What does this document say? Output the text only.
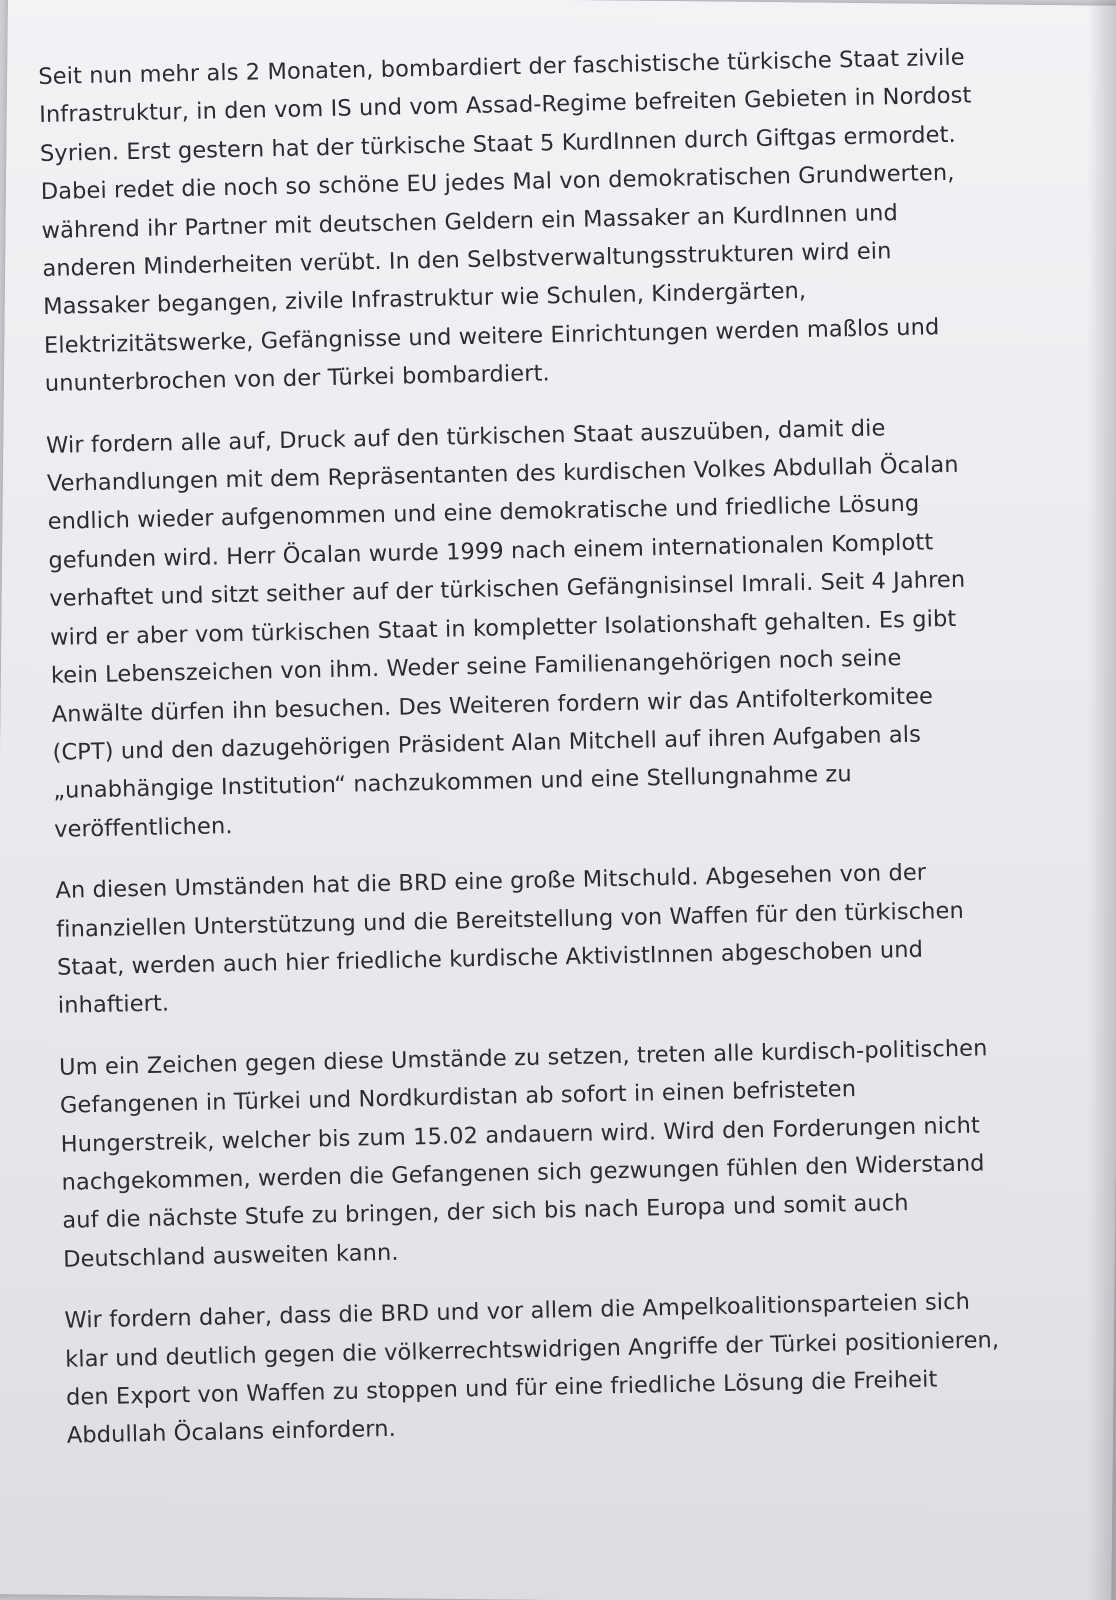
Seit nun mehr als 2 Monaten, bombardiert der faschistische türkische Staat zivile
Infrastruktur, in den vom IS und vom Assad-Regime befreiten Gebieten in Nordost
Syrien. Erst gestern hat der türkische Staat 5 KurdInnen durch Giftgas ermordet.
Dabei redet die noch so schöne EU jedes Mal von demokratischen Grundwerten,
während ihr Partner mit deutschen Geldern ein Massaker an KurdInnen und
anderen Minderheiten verübt. In den Selbstverwaltungsstrukturen wird ein
Massaker begangen, zivile Infrastruktur wie Schulen, Kindergärten,
Elektrizitätswerke, Gefängnisse und weitere Einrichtungen werden maßlos und
ununterbrochen von der Türkei bombardiert.

Wir fordern alle auf, Druck auf den türkischen Staat auszuüben, damit die
Verhandlungen mit dem Repräsentanten des kurdischen Volkes Abdullah Öcalan
endlich wieder aufgenommen und eine demokratische und friedliche Lösung
gefunden wird. Herr Öcalan wurde 1999 nach einem internationalen Komplott
verhaftet und sitzt seither auf der türkischen Gefängnisinsel Imrali. Seit 4 Jahren
wird er aber vom türkischen Staat in kompletter Isolationshaft gehalten. Es gibt
kein Lebenszeichen von ihm. Weder seine Familienangehörigen noch seine
Anwälte dürfen ihn besuchen. Des Weiteren fordern wir das Antifolterkomitee
(CPT) und den dazugehörigen Präsident Alan Mitchell auf ihren Aufgaben als
„unabhängige Institution“ nachzukommen und eine Stellungnahme zu
veröffentlichen.

An diesen Umständen hat die BRD eine große Mitschuld. Abgesehen von der
finanziellen Unterstützung und die Bereitstellung von Waffen für den türkischen
Staat, werden auch hier friedliche kurdische AktivistInnen abgeschoben und
inhaftiert.

Um ein Zeichen gegen diese Umstände zu setzen, treten alle kurdisch-politischen
Gefangenen in Türkei und Nordkurdistan ab sofort in einen befristeten
Hungerstreik, welcher bis zum 15.02 andauern wird. Wird den Forderungen nicht
nachgekommen, werden die Gefangenen sich gezwungen fühlen den Widerstand
auf die nächste Stufe zu bringen, der sich bis nach Europa und somit auch
Deutschland ausweiten kann.

Wir fordern daher, dass die BRD und vor allem die Ampelkoalitionsparteien sich
klar und deutlich gegen die völkerrechtswidrigen Angriffe der Türkei positionieren,
den Export von Waffen zu stoppen und für eine friedliche Lösung die Freiheit
Abdullah Öcalans einfordern.
